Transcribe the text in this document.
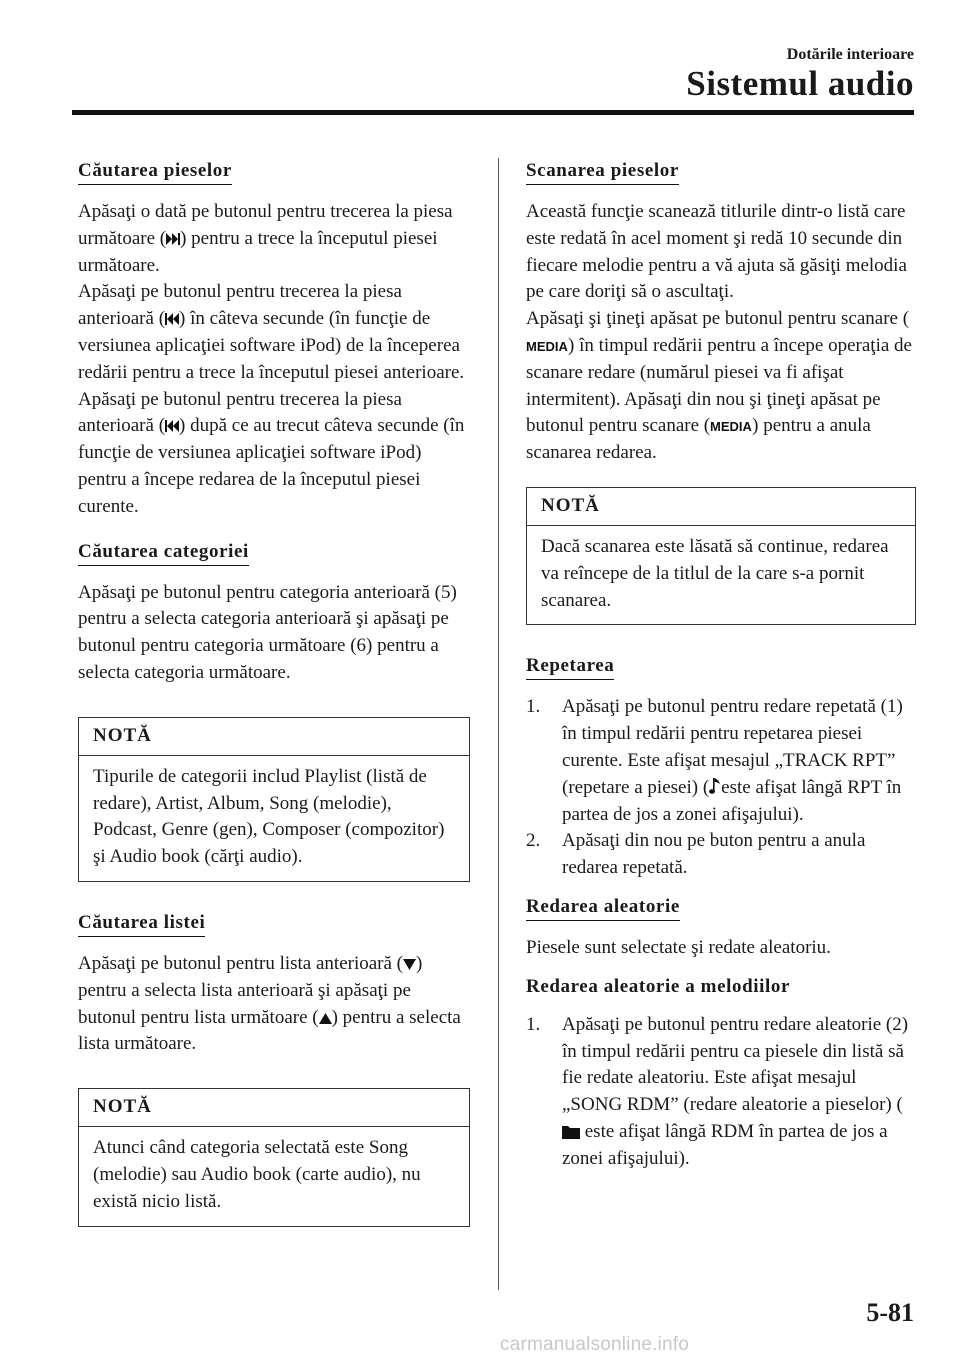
Dotările interioare
Sistemul audio
Căutarea pieselor

Apăsaţi o dată pe butonul pentru trecerea la piesa următoare ( ) pentru a trece la începutul piesei următoare.

Apăsaţi pe butonul pentru trecerea la piesa anterioară ( ) în câteva secunde (în funcţie de versiunea aplicaţiei software iPod) de la începerea redării pentru a trece la începutul piesei anterioare.

Apăsaţi pe butonul pentru trecerea la piesa anterioară ( ) după ce au trecut câteva secunde (în funcţie de versiunea aplicaţiei software iPod) pentru a începe redarea de la începutul piesei curente.

Căutarea categoriei

Apăsaţi pe butonul pentru categoria anterioară (5) pentru a selecta categoria anterioară şi apăsaţi pe butonul pentru categoria următoare (6) pentru a selecta categoria următoare.

NOTĂ
Tipurile de categorii includ Playlist (listă de redare), Artist, Album, Song (melodie), Podcast, Genre (gen), Composer (compozitor) şi Audio book (cărţi audio).
Căutarea listei

Apăsaţi pe butonul pentru lista anterioară ( ) pentru a selecta lista anterioară şi apăsaţi pe butonul pentru lista următoare ( ) pentru a selecta lista următoare.

NOTĂ
Atunci când categoria selectată este Song (melodie) sau Audio book (carte audio), nu există nicio listă.
Scanarea pieselor

Această funcţie scanează titlurile dintr-o listă care este redată în acel moment şi redă 10 secunde din fiecare melodie pentru a vă ajuta să găsiţi melodia pe care doriţi să o ascultaţi.

Apăsaţi şi ţineţi apăsat pe butonul pentru scanare (
MEDIA ) în timpul redării pentru a începe operaţia de scanare redare (numărul piesei va fi afişat intermitent). Apăsaţi din nou şi ţineţi apăsat pe butonul pentru scanare ( MEDIA ) pentru a anula scanarea redarea.

NOTĂ
Dacă scanarea este lăsată să continue, redarea va reîncepe de la titlul de la care s-a pornit scanarea.
Repetarea
1. Apăsaţi pe butonul pentru redare repetată (1) în timpul redării pentru repetarea piesei curente. Este afişat mesajul „TRACK RPT” (repetare a piesei) ( este afişat lângă RPT în partea de jos a zonei afişajului).
2. Apăsaţi din nou pe buton pentru a anula redarea repetată.
Redarea aleatorie

Piesele sunt selectate şi redate aleatoriu.

Redarea aleatorie a melodiilor
1. Apăsaţi pe butonul pentru redare aleatorie (2) în timpul redării pentru ca piesele din listă să fie redate aleatoriu. Este afişat mesajul „SONG RDM” (redare aleatorie a pieselor) ( este afişat lângă RDM în partea de jos a zonei afişajului).
5-81
carmanualsonline.info
